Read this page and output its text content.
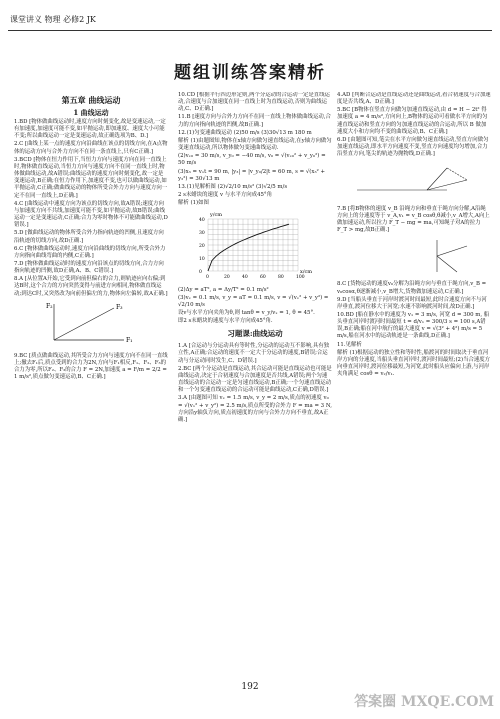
课堂讲义 物理 必修2 JK
题组训练答案精析
第五章 曲线运动
1 曲线运动

1.BD [物体做曲线运动时,速度方向时刻变化,故是变速运动,一定有加速度,加速度可能不变,如平抛运动,即加速度、速度大小可能不变;所以曲线运动一定是变速运动,故正确选项为B、D.]

2.C [曲线上某一点的速度方向沿曲线在该点的切线方向,在A点物体的运动方向与合外力方向不在同一条直线上,只有C正确.]

3.BCD [物体在恒力作用下,当恒力方向与速度方向在同一直线上时,物体做直线运动,当恒力方向与速度方向不在同一直线上时,物体做曲线运动,故A错误;曲线运动的速度方向时刻变化,故一定是变速运动,B正确;在恒力作用下,加速度不变,也可以做曲线运动,如平抛运动,C正确;做曲线运动的物体所受合外力方向与速度方向一定不在同一直线上,D正确.]

4.C [曲线运动中速度方向为该点的切线方向,故A错误;速度方向与加速度方向不共线,加速度可能不变,如平抛运动,故B错误;曲线运动一定是变速运动,C正确;合力为零时物体不可能做曲线运动,D错误.]

5.D [做曲线运动的物体所受合外力指向轨迹的凹侧,且速度方向沿轨迹的切线方向,故D正确.]

6.C [物体做曲线运动时,速度方向沿曲线的切线方向,所受合外力方向指向曲线弯曲的内侧,C正确.]

7.D [物体做曲线运动时的速度方向沿该点的切线方向,合力方向指向轨迹的凹侧,故D正确,A、B、C错误.]

8.A [从位置A开始,它受到向前但偏右的合力,则轨迹应向右偏;到达B时,这个合力的方向突然变得与前进方向相同,物体做直线运动;到达C时,又突然改为向前但偏左的力,物体向左偏转,故A正确.]

F₁
F₂	F₃

9.BC [质点做曲线运动,其所受合力方向与速度方向不在同一直线上;撤去F₁后,质点受到的合力为2N,方向与F₁相反,F₁、F₂、F₃的合力为零,所以F₂、F₃的合力 F = 2N,加速度 a = F/m = 2/2 = 1 m/s²,质点做匀变速运动,B、C正确.]

10.CD [根据平行四边形定则,两个分运动的合运动一定是直线运动,合速度与合加速度在同一直线上时为直线运动,否则为曲线运动,C、D正确.]

11.B [速度方向与合外力方向不在同一直线上物体做曲线运动,合力的方向指向轨迹的凹侧,故B正确.]

12.(1)匀变速曲线运动 (2)50 m/s (3)30√13 m 180 m

解析 (1)由题图知,物体在x轴方向做匀速直线运动,在y轴方向做匀变速直线运动,所以物体做匀变速曲线运动.

(2)vₓ₀ = 30 m/s, v_y₀ = −40 m/s, v₀ = √(vₓ₀² + v_y₀²) = 50 m/s

(3)x₃ = vₓt = 90 m, |y₃| = |v_y₀/2|t = 60 m, s = √(x₃² + y₃²) = 30√13 m

13.(1)见解析图 (2)√2/10 m/s² (3)√2/5 m/s

2 s末蜡块的速度 v 与水平方向成45°角

解析 (1)如图

y/cm
x/cm
0	20	40	60	80	100
0
10
20
30
40

(2)Δy = aT², a = Δy/T² = 0.1 m/s²

(3)vₓ = 0.1 m/s, v_y = aT = 0.1 m/s, v = √(vₓ² + v_y²) = √2/10 m/s

设v与水平方向夹角为θ,则 tanθ = v_y/vₓ = 1, θ = 45°.

即2 s末蜡块的速度与水平方向成45°角.

习题课:曲线运动

1.A [合运动与分运动具有等时性,分运动的运动互不影响,具有独立性,A正确;合运动的速度不一定大于分运动的速度,B错误;合运动与分运动同时发生,C、D错误.]

2.BC [两个分运动是直线运动,其合运动可能是直线运动也可能是曲线运动,决定于合初速度与合加速度是否共线,A错误;两个匀速直线运动的合运动一定是匀速直线运动,B正确;一个匀速直线运动和一个匀变速直线运动的合运动可能是曲线运动,C正确,D错误.]

3.A [由题图可知 vₓ = 1.5 m/s, v_y = 2 m/s,质点的初速度 v₀ = √(vₓ² + v_y²) = 2.5 m/s,质点所受的合外力 F = ma = 3 N,方向沿y轴负方向,质点初速度的方向与合外力方向不垂直,故A正确.]

4.AD [判断合运动是直线运动还是曲线运动,看合初速度与合加速度是否共线,A、D正确.]

5.BC [B物体在竖直方向做匀加速直线运动,由 d = H − 2t² 得加速度 a = 4 m/s²,方向向上,B物体的运动可看做水平方向的匀速直线运动和竖直方向的匀加速直线运动的合运动,所以 B 做加速度大小和方向均不变的曲线运动,B、C正确.]

6.D [由题图可知,笔尖在水平方向做匀速直线运动,竖直方向做匀加速直线运动,即水平方向速度不变,竖直方向速度均匀增加,合力沿竖直方向,笔尖的轨迹为抛物线,D正确.]

7.B [将B物体的速度 v_B 沿绳方向和垂直于绳方向分解,A沿绳方向上的分速度等于 v_A,v₁ = v_B cosθ,θ减小,v_A增大,A向上做加速运动,所以拉力 F_T − mg = ma,可知绳子对A的拉力 F_T > mg,故B正确.]

8.C [货物运动的速度v₀分解为沿绳方向与垂直于绳方向,v_B = v₀cosα,θ逐渐减小,v_B增大,货物做加速运动,C正确.]

9.D [当船头垂直于河岸时渡河时间最短,此时合速度方向不与河岸垂直,渡河位移大于河宽;水速不影响渡河时间,故D正确.]

10.BD [船在静水中的速度为 v₁ = 3 m/s, 河宽 d = 300 m, 船头垂直河岸时渡河时间最短 t = d/v₁ = 300/3 s = 100 s,A错误,B正确;船在河中航行的最大速度 v = √(3² + 4²) m/s = 5 m/s,船在河水中的运动轨迹是一条曲线,D正确.]

11.见解析

解析 (1)根据运动的独立性和等时性,船渡河的时间取决于垂直河岸方向的分速度,当船头垂直河岸时,渡河时间最短;(2)当合速度方向垂直河岸时,渡河位移最短,为河宽,此时船头应偏向上游,与河岸夹角满足 cosθ = v₂/v₁.

192
答案圈 MXQE.COM
